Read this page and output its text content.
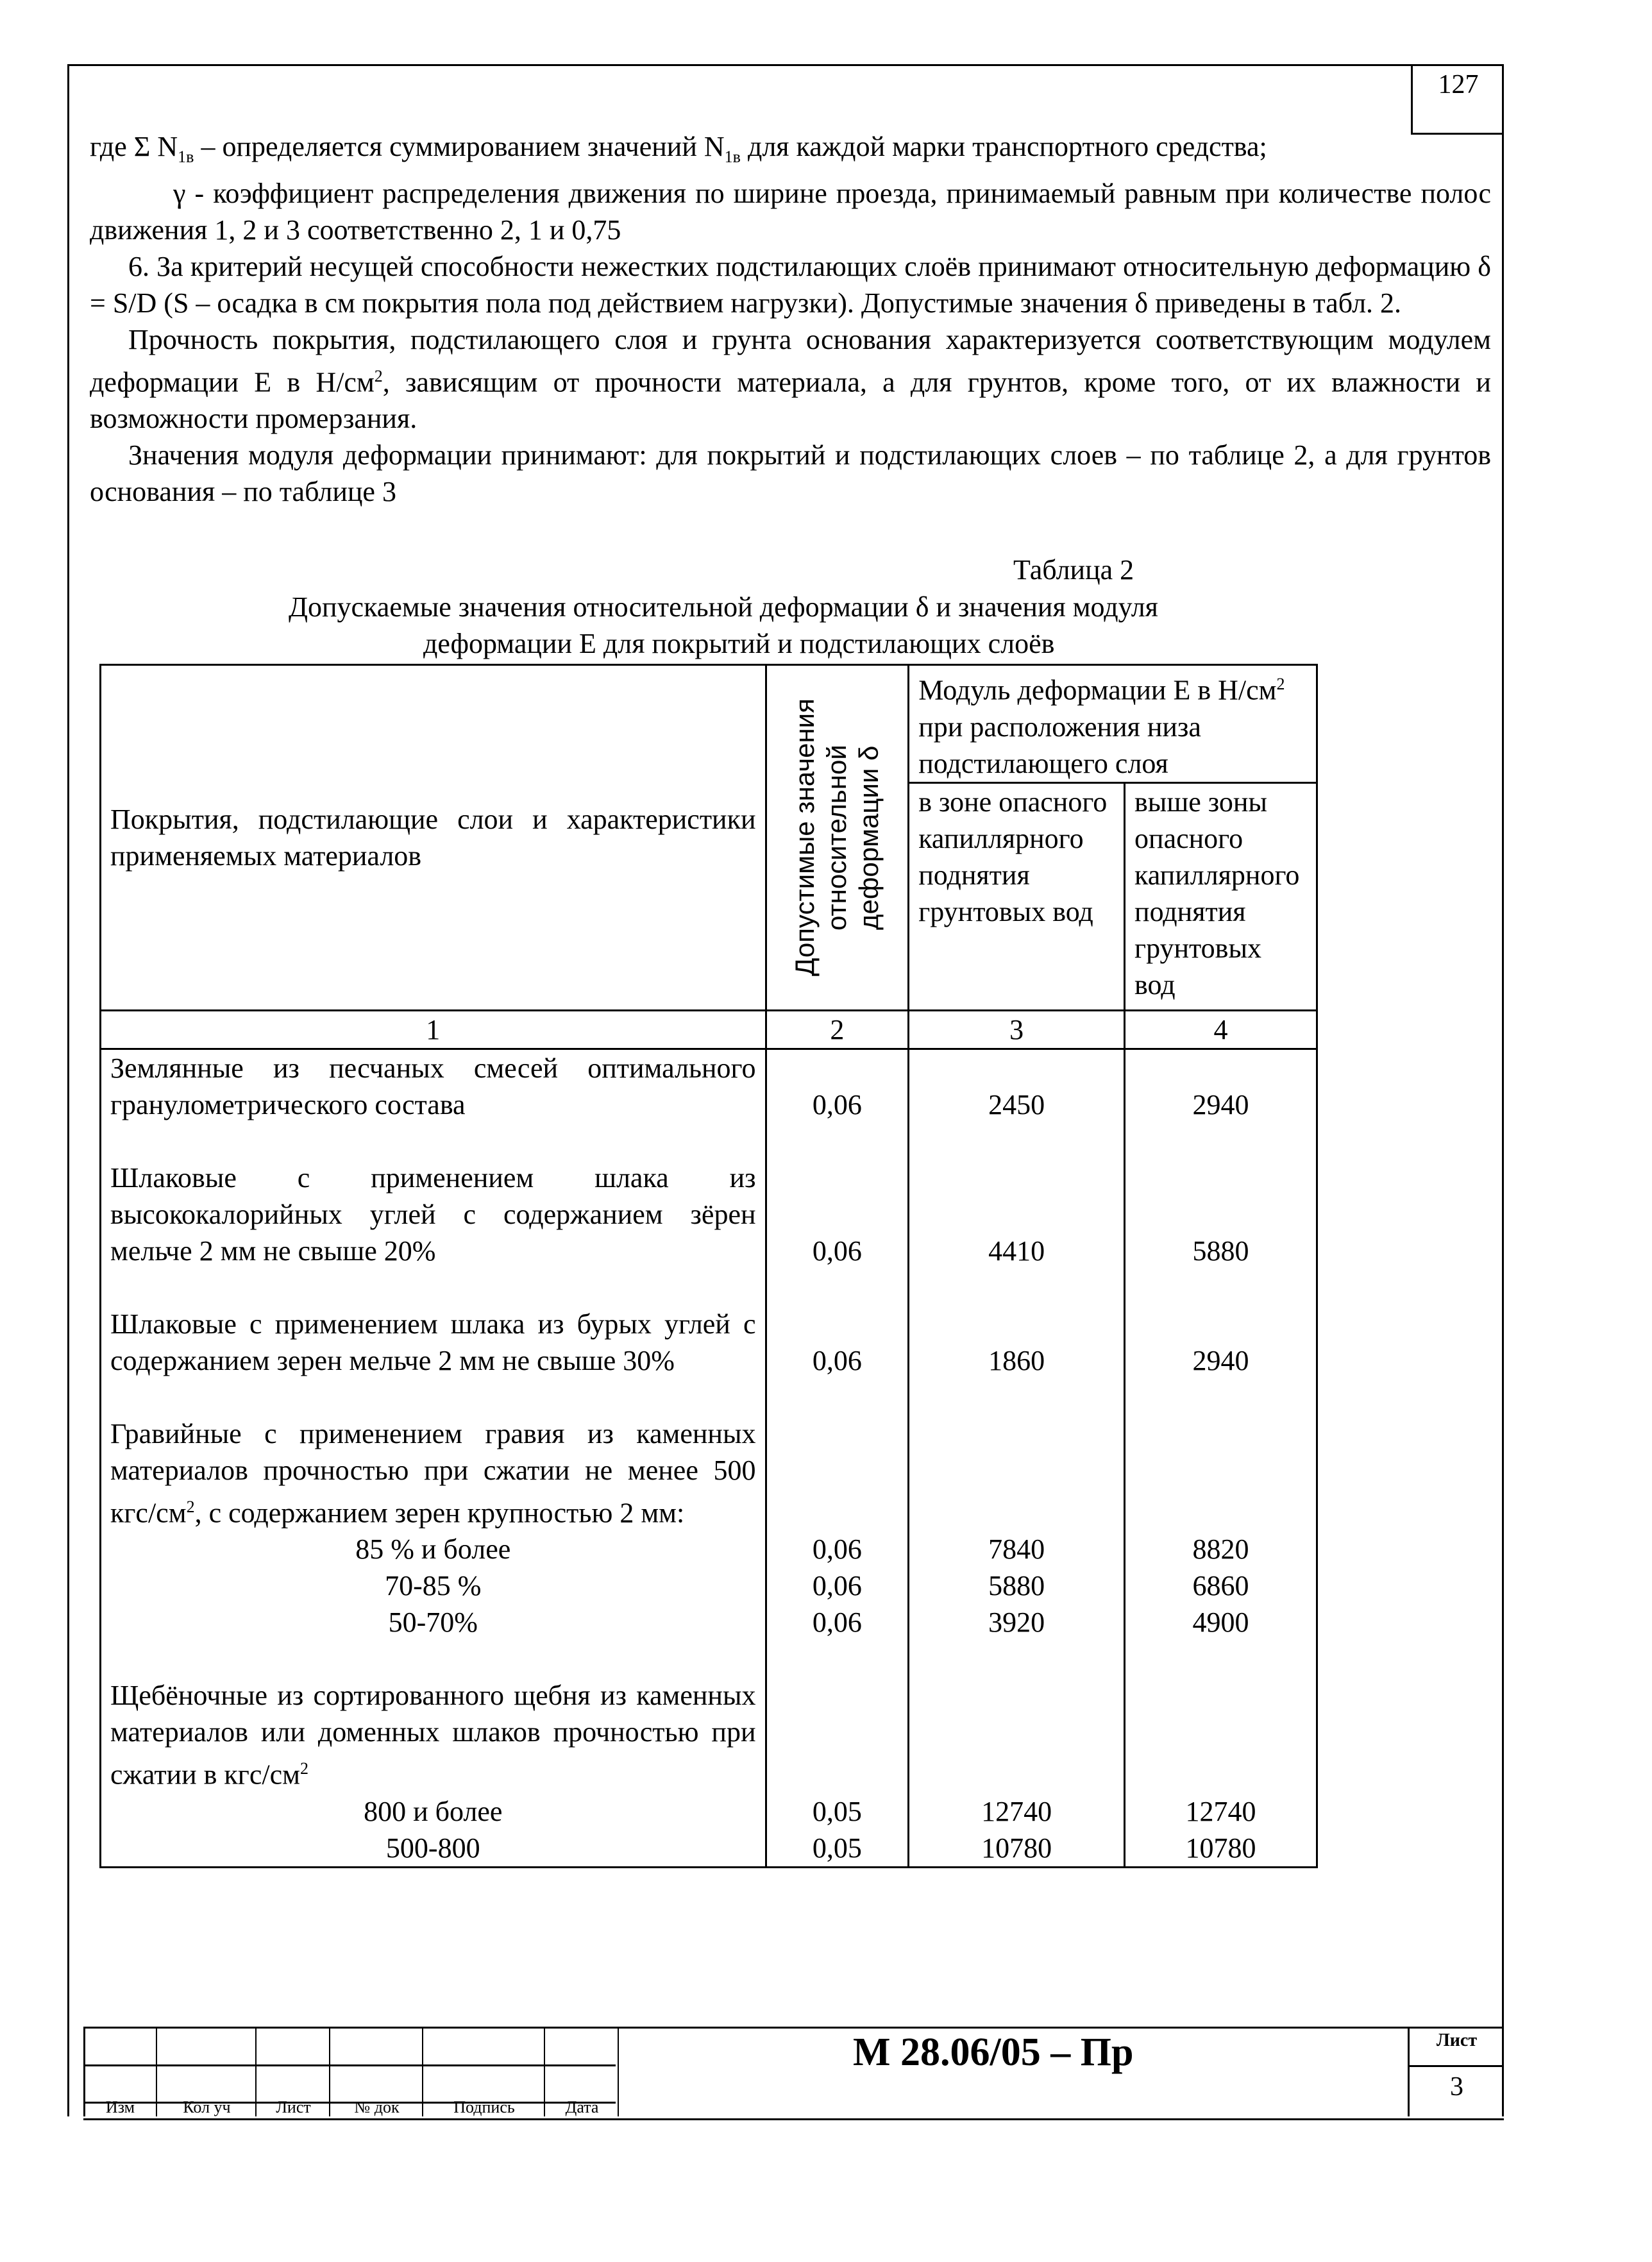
127

где Σ $N_{1в}$ – определяется суммированием значений $N_{1в}$ для каждой марки транспортного средства;

γ - коэффициент распределения движения по ширине проезда, принимаемый равным при количестве полос движения 1, 2 и 3 соответственно 2, 1 и 0,75

6. За критерий несущей способности нежестких подстилающих слоёв принимают относительную деформацию δ = S/D (S – осадка в см покрытия пола под действием нагрузки). Допустимые значения δ приведены в табл. 2.

Прочность покрытия, подстилающего слоя и грунта основания характеризуется соответствующим модулем деформации Е в $Н/см^2$, зависящим от прочности материала, а для грунтов, кроме того, от их влажности и возможности промерзания.

Значения модуля деформации принимают: для покрытий и подстилающих слоев – по таблице 2, а для грунтов основания – по таблице 3

Таблица 2
Допускаемые значения относительной деформации δ и значения модуля
деформации Е для покрытий и подстилающих слоёв
Покрытия, подстилающие слои и характеристики применяемых материалов	Допустимые значения относительной деформации δ	Модуль деформации Е в $Н/см^2$ при расположения низа подстилающего слоя	
		в зоне опасного капиллярного поднятия грунтовых вод	выше зоны опасного капиллярного поднятия грунтовых вод
1	2	3	4
Землянные из песчаных смесей оптимального гранулометрического состава	0,06	2450	2940

Шлаковые с применением шлака из высококалорийных углей с содержанием зёрен мельче 2 мм не свыше 20%	0,06	4410	5880

Шлаковые с применением шлака из бурых углей с содержанием зерен мельче 2 мм не свыше 30%	0,06	1860	2940

Гравийные с применением гравия из каменных материалов прочностью при сжатии не менее 500 кгс/$см^2$, с содержанием зерен крупностью 2 мм:			
85 % и более	0,06	7840	8820
70-85 %	0,06	5880	6860
50-70%	0,06	3920	4900

Щебёночные из сортированного щебня из каменных материалов или доменных шлаков прочностью при сжатии в кгс/$см^2$			
800 и более	0,05	12740	12740
500-800	0,05	10780	10780
Изм	Кол уч	Лист	№ док	Подпись	Дата
М 28.06/05 – Пр	Лист
3
